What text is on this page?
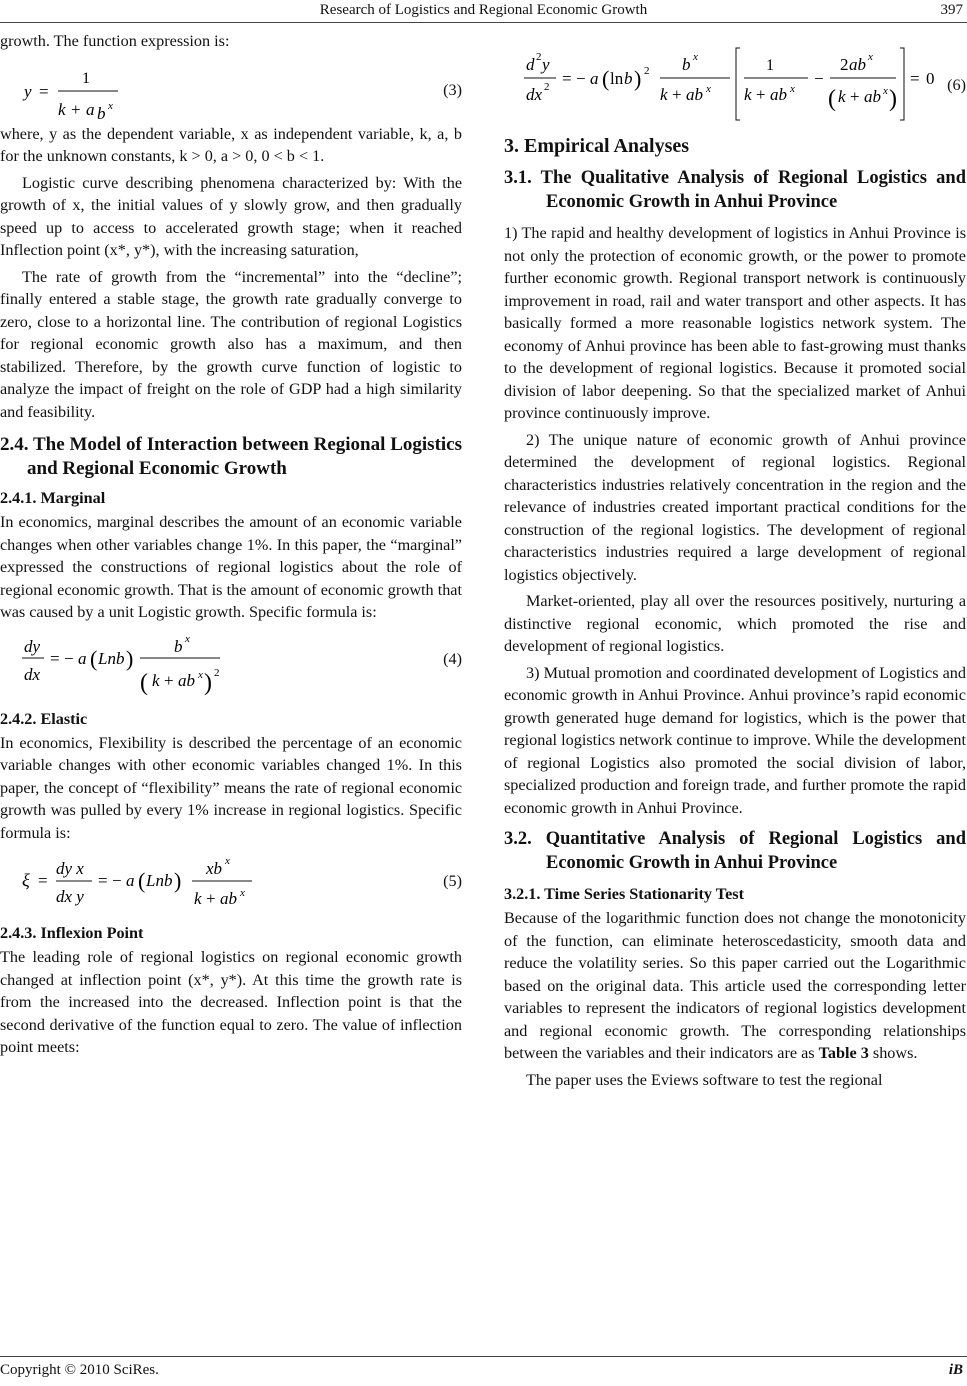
Research of Logistics and Regional Economic Growth	397

growth. The function expression is:

y =
1
k + a b x
(3)

where, y as the dependent variable, x as independent variable, k, a, b for the unknown constants, k > 0, a > 0, 0 < b < 1.

Logistic curve describing phenomena characterized by: With the growth of x, the initial values of y slowly grow, and then gradually speed up to access to accelerated growth stage; when it reached Inflection point (x*, y*), with the increasing saturation,

The rate of growth from the “incremental” into the “decline”; finally entered a stable stage, the growth rate gradually converge to zero, close to a horizontal line. The contribution of regional Logistics for regional economic growth also has a maximum, and then stabilized. Therefore, by the growth curve function of logistic to analyze the impact of freight on the role of GDP had a high similarity and feasibility.

2.4. The Model of Interaction between Regional Logistics and Regional Economic Growth
2.4.1. Marginal

In economics, marginal describes the amount of an economic variable changes when other variables change 1%. In this paper, the “marginal” expressed the constructions of regional logistics about the role of regional economic growth. That is the amount of economic growth that was caused by a unit Logistic growth. Specific formula is:

dy
dx
= − a ( Lnb ) b x
( k + ab x ) 2
(4)
2.4.2. Elastic

In economics, Flexibility is described the percentage of an economic variable changes with other economic variables changed 1%. In this paper, the concept of “flexibility” means the rate of regional economic growth was pulled by every 1% increase in regional logistics. Specific formula is:

ξ =
dy x
dx y
= − a ( Lnb ) xb x
k + ab x
(5)
2.4.3. Inflexion Point

The leading role of regional logistics on regional economic growth changed at inflection point (x*, y*). At this time the growth rate is from the increased into the decreased. Inflection point is that the second derivative of the function equal to zero. The value of inflection point meets:

d 2 y
dx 2 = − a ( ln b ) 2 b x
k + ab x
1
k + ab x
−
2 ab x
( k + ab x )
= 0 (6)
3. Empirical Analyses
3.1. The Qualitative Analysis of Regional Logistics and Economic Growth in Anhui Province

1) The rapid and healthy development of logistics in Anhui Province is not only the protection of economic growth, or the power to promote further economic growth. Regional transport network is continuously improvement in road, rail and water transport and other aspects. It has basically formed a more reasonable logistics network system. The economy of Anhui province has been able to fast-growing must thanks to the development of regional logistics. Because it promoted social division of labor deepening. So that the specialized market of Anhui province continuously improve.

2) The unique nature of economic growth of Anhui province determined the development of regional logistics. Regional characteristics industries relatively concentration in the region and the relevance of industries created important practical conditions for the construction of the regional logistics. The development of regional characteristics industries required a large development of regional logistics objectively.

Market-oriented, play all over the resources positively, nurturing a distinctive regional economic, which promoted the rise and development of regional logistics.

3) Mutual promotion and coordinated development of Logistics and economic growth in Anhui Province. Anhui province’s rapid economic growth generated huge demand for logistics, which is the power that regional logistics network continue to improve. While the development of regional Logistics also promoted the social division of labor, specialized production and foreign trade, and further promote the rapid economic growth in Anhui Province.

3.2. Quantitative Analysis of Regional Logistics and Economic Growth in Anhui Province
3.2.1. Time Series Stationarity Test

Because of the logarithmic function does not change the monotonicity of the function, can eliminate heteroscedasticity, smooth data and reduce the volatility series. So this paper carried out the Logarithmic based on the original data. This article used the corresponding letter variables to represent the indicators of regional logistics development and regional economic growth. The corresponding relationships between the variables and their indicators are as Table 3 shows.

The paper uses the Eviews software to test the regional

Copyright © 2010 SciRes.	iB
